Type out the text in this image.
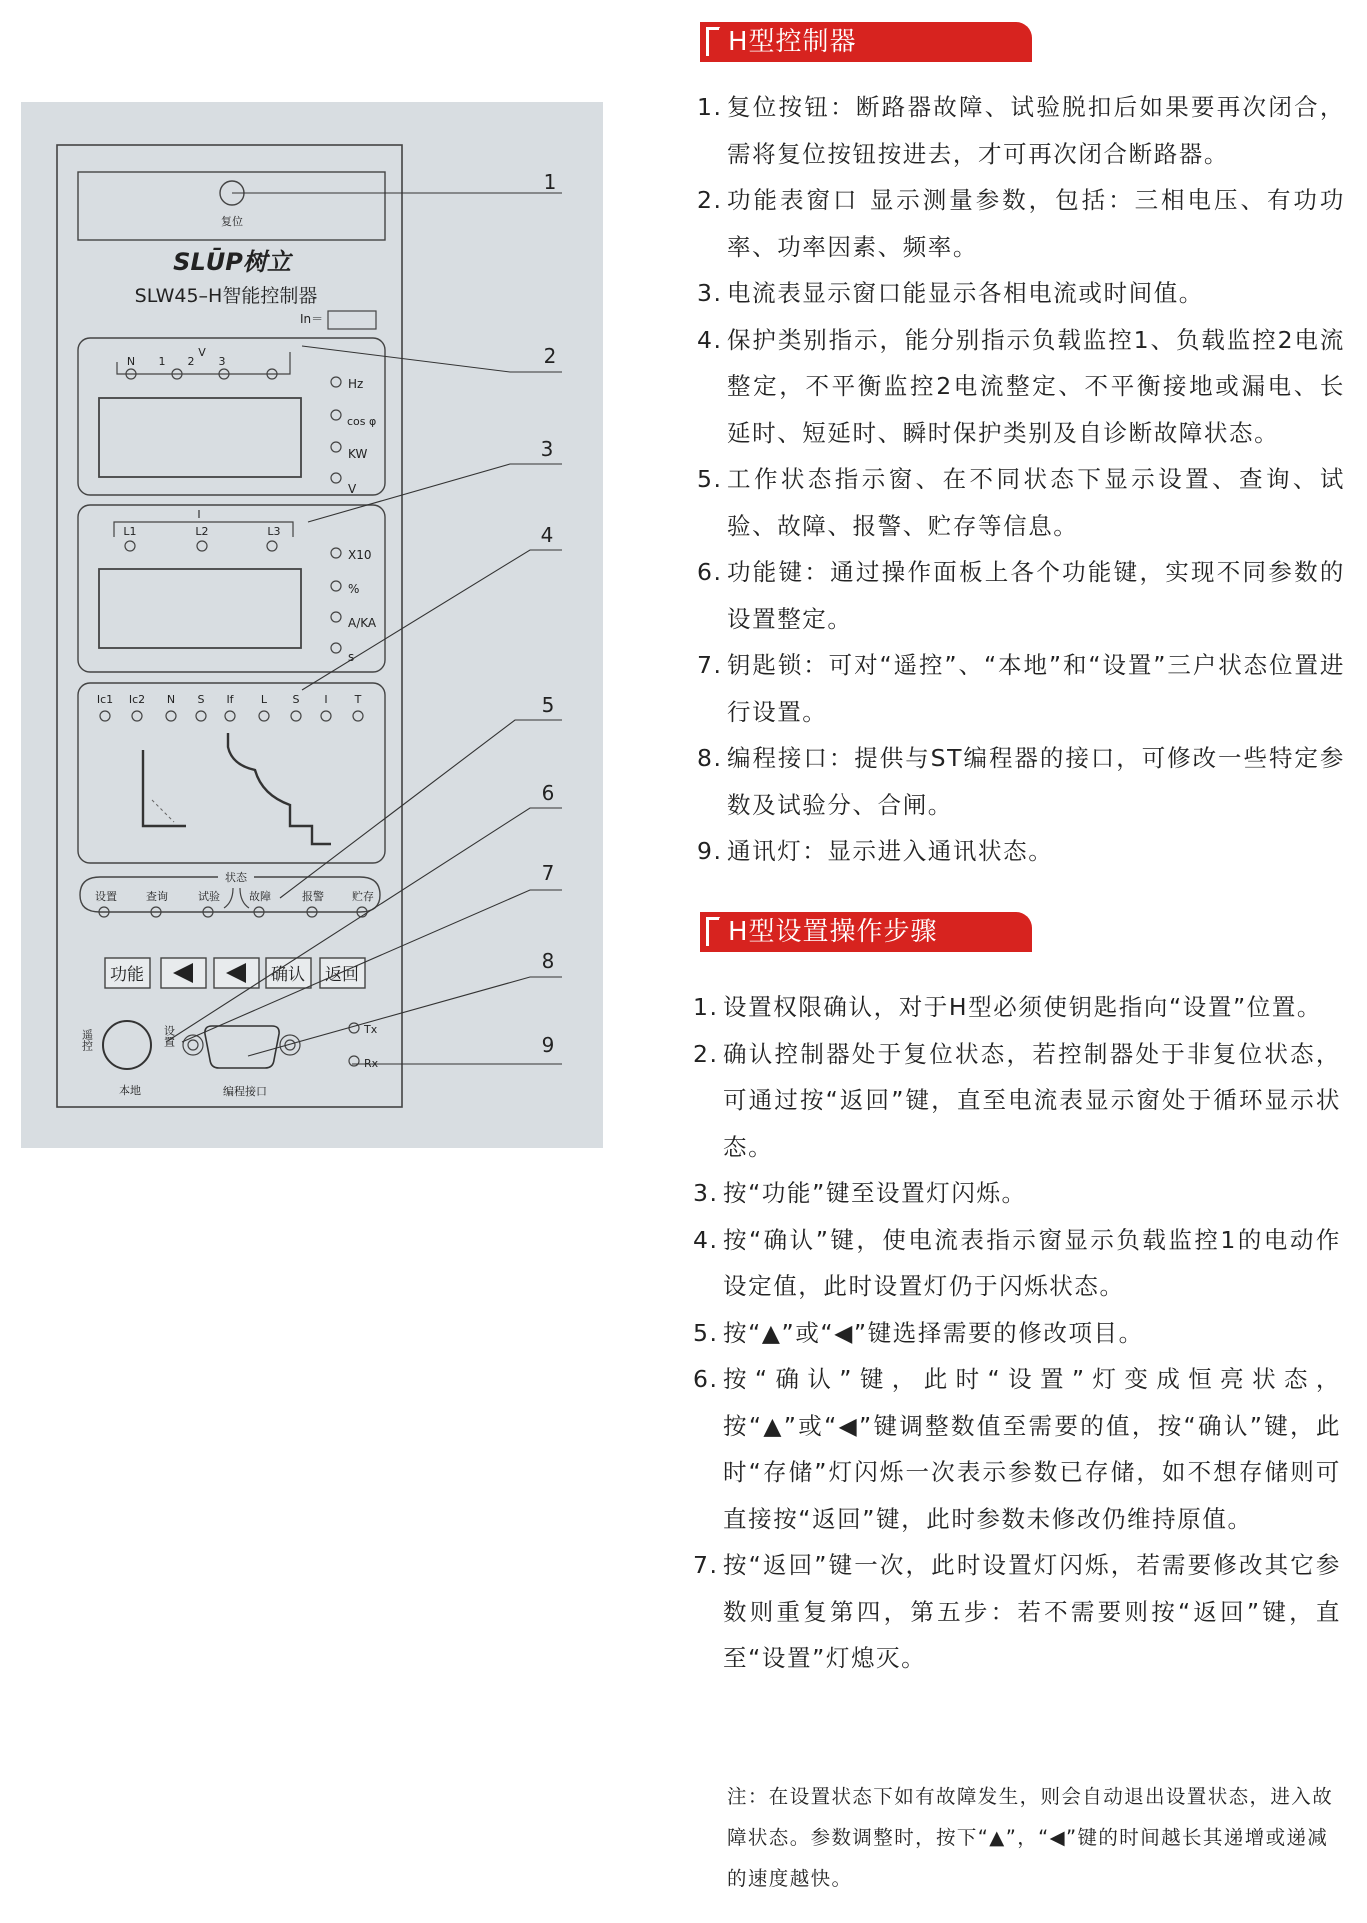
复位
SLŪP树立
SLW45–H智能控制器
In＝
V
N 1 2 3
Hz
cos φ
KW
V
I
L1	L2	L3
X10
%
A/KA
s
Ic1 Ic2 N S If L S I T
状态
设置	查询	试验	故障	报警	贮存
功能	确认 返回
遥控	设置
本地	编程接口
Tx
Rx
1
2
3
4
5
6
7
8
9
H型控制器
1. 复位按钮：断路器故障、试验脱扣后如果要再次闭合，需将复位按钮按进去，才可再次闭合断路器。
2. 功能表窗口 显示测量参数，包括：三相电压、有功功率、功率因素、频率。
3. 电流表显示窗口能显示各相电流或时间值。
4. 保护类别指示，能分别指示负载监控1、负载监控2电流整定，不平衡监控2电流整定、不平衡接地或漏电、长延时、短延时、瞬时保护类别及自诊断故障状态。
5. 工作状态指示窗、在不同状态下显示设置、查询、试验、故障、报警、贮存等信息。
6. 功能键：通过操作面板上各个功能键，实现不同参数的设置整定。
7. 钥匙锁：可对“遥控”、“本地”和“设置”三户状态位置进行设置。
8. 编程接口：提供与ST编程器的接口，可修改一些特定参数及试验分、合闸。
9. 通讯灯：显示进入通讯状态。
H型设置操作步骤
1. 设置权限确认，对于H型必须使钥匙指向“设置”位置。
2. 确认控制器处于复位状态，若控制器处于非复位状态，可通过按“返回”键，直至电流表显示窗处于循环显示状态。
3. 按“功能”键至设置灯闪烁。
4. 按“确认”键，使电流表指示窗显示负载监控1的电动作设定值，此时设置灯仍于闪烁状态。
5. 按“▲”或“◀”键选择需要的修改项目。
6. 按“确认”键，此时“设置”灯变成恒亮状态，按“▲”或“◀”键调整数值至需要的值，按“确认”键，此时“存储”灯闪烁一次表示参数已存储，如不想存储则可直接按“返回”键，此时参数未修改仍维持原值。
7. 按“返回”键一次，此时设置灯闪烁，若需要修改其它参数则重复第四，第五步：若不需要则按“返回”键，直至“设置”灯熄灭。
注：在设置状态下如有故障发生，则会自动退出设置状态，进入故障状态。参数调整时，按下“▲”，“◀”键的时间越长其递增或递减的速度越快。
